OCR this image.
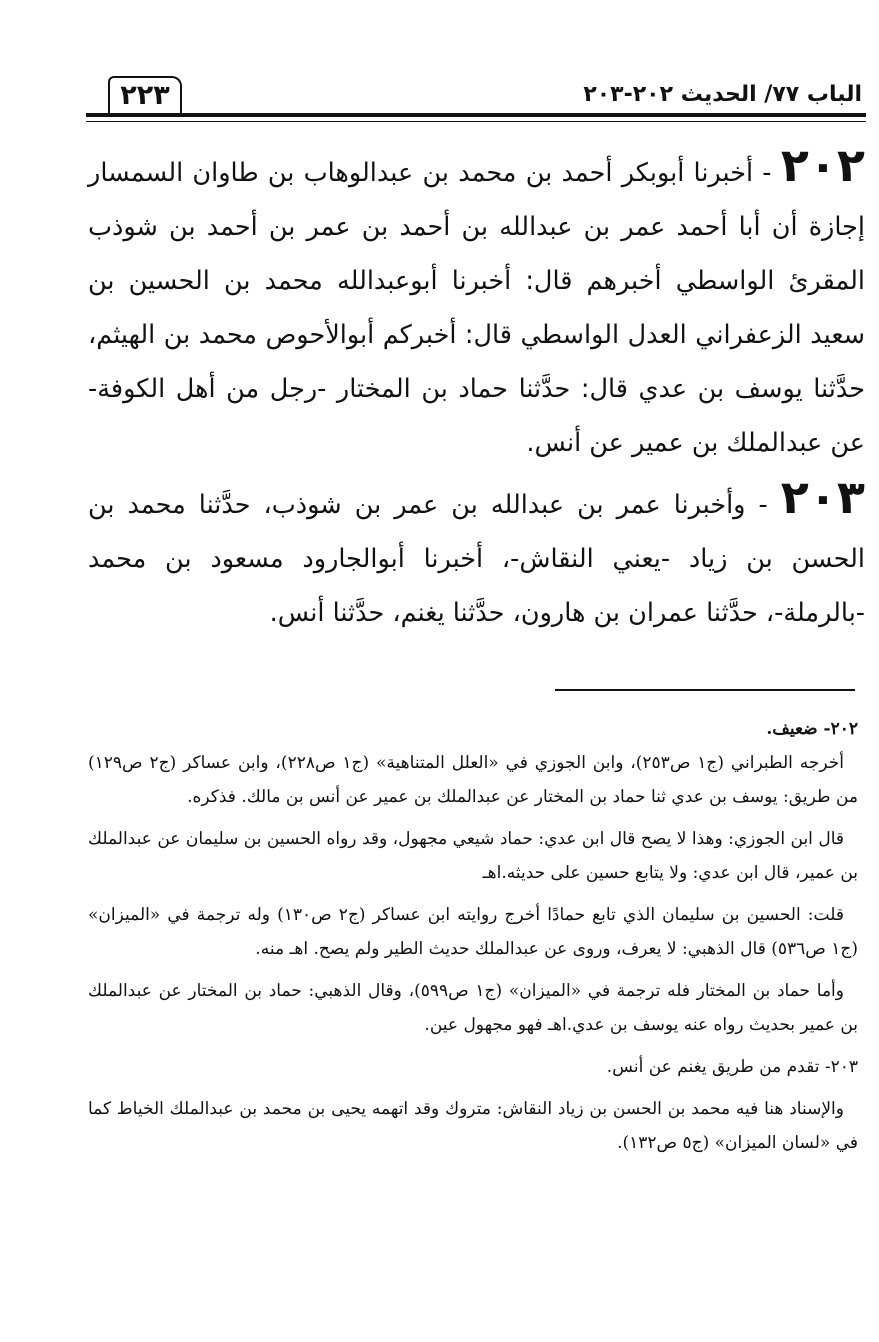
٢٢٣	الباب ٧٧/ الحديث ٢٠٢-٢٠٣

٢٠٢ - أخبرنا أبوبكر أحمد بن محمد بن عبدالوهاب بن طاوان السمسار إجازة أن أبا أحمد عمر بن عبدالله بن أحمد بن عمر بن أحمد بن شوذب المقرئ الواسطي أخبرهم قال: أخبرنا أبوعبدالله محمد بن الحسين بن سعيد الزعفراني العدل الواسطي قال: أخبركم أبوالأحوص محمد بن الهيثم، حدَّثنا يوسف بن عدي قال: حدَّثنا حماد بن المختار -رجل من أهل الكوفة- عن عبدالملك بن عمير عن أنس.

٢٠٣ - وأخبرنا عمر بن عبدالله بن عمر بن شوذب، حدَّثنا محمد بن الحسن بن زياد -يعني النقاش-، أخبرنا أبوالجارود مسعود بن محمد -بالرملة-، حدَّثنا عمران بن هارون، حدَّثنا يغنم، حدَّثنا أنس.

٢٠٢- ضعيف.

أخرجه الطبراني (ج١ ص٢٥٣)، وابن الجوزي في «العلل المتناهية» (ج١ ص٢٢٨)، وابن عساكر (ج٢ ص١٢٩) من طريق: يوسف بن عدي ثنا حماد بن المختار عن عبدالملك بن عمير عن أنس بن مالك. فذكره.

قال ابن الجوزي: وهذا لا يصح قال ابن عدي: حماد شيعي مجهول، وقد رواه الحسين بن سليمان عن عبدالملك بن عمير، قال ابن عدي: ولا يتابع حسين على حديثه.اهـ

قلت: الحسين بن سليمان الذي تابع حمادًا أخرج روايته ابن عساكر (ج٢ ص١٣٠) وله ترجمة في «الميزان» (ج١ ص٥٣٦) قال الذهبي: لا يعرف، وروى عن عبدالملك حديث الطير ولم يصح. اهـ منه.

وأما حماد بن المختار فله ترجمة في «الميزان» (ج١ ص٥٩٩)، وقال الذهبي: حماد بن المختار عن عبدالملك بن عمير بحديث رواه عنه يوسف بن عدي.اهـ فهو مجهول عين.

٢٠٣- تقدم من طريق يغنم عن أنس.

والإسناد هنا فيه محمد بن الحسن بن زياد النقاش: متروك وقد اتهمه يحيى بن محمد بن عبدالملك الخياط كما في «لسان الميزان» (ج٥ ص١٣٢).
